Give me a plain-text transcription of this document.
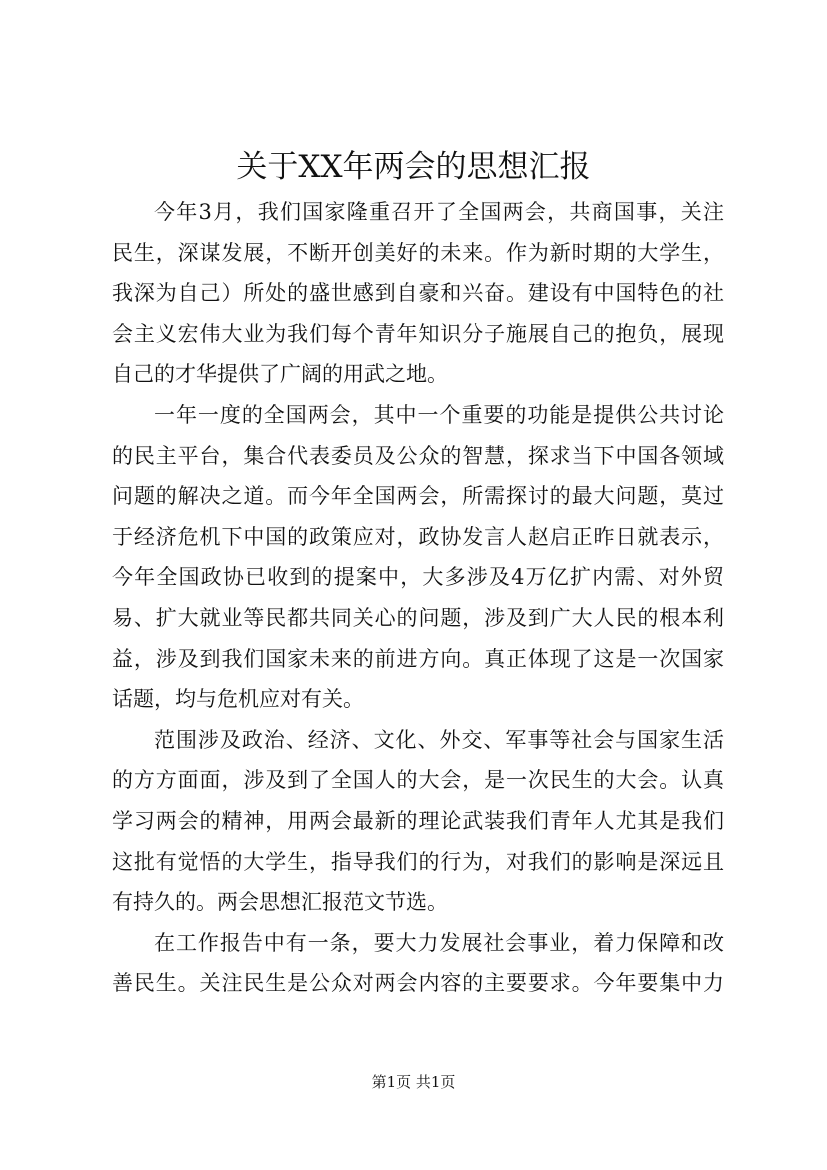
关于XX年两会的思想汇报
今年3月，我们国家隆重召开了全国两会，共商国事，关注
民生，深谋发展，不断开创美好的未来。作为新时期的大学生，
我深为自己）所处的盛世感到自豪和兴奋。建设有中国特色的社
会主义宏伟大业为我们每个青年知识分子施展自己的抱负，展现
自己的才华提供了广阔的用武之地。
一年一度的全国两会，其中一个重要的功能是提供公共讨论
的民主平台，集合代表委员及公众的智慧，探求当下中国各领域
问题的解决之道。而今年全国两会，所需探讨的最大问题，莫过
于经济危机下中国的政策应对，政协发言人赵启正昨日就表示，
今年全国政协已收到的提案中，大多涉及4万亿扩内需、对外贸
易、扩大就业等民都共同关心的问题，涉及到广大人民的根本利
益，涉及到我们国家未来的前进方向。真正体现了这是一次国家
话题，均与危机应对有关。
范围涉及政治、经济、文化、外交、军事等社会与国家生活
的方方面面，涉及到了全国人的大会，是一次民生的大会。认真
学习两会的精神，用两会最新的理论武装我们青年人尤其是我们
这批有觉悟的大学生，指导我们的行为，对我们的影响是深远且
有持久的。两会思想汇报范文节选。
在工作报告中有一条，要大力发展社会事业，着力保障和改
善民生。关注民生是公众对两会内容的主要要求。今年要集中力
第1页 共1页
